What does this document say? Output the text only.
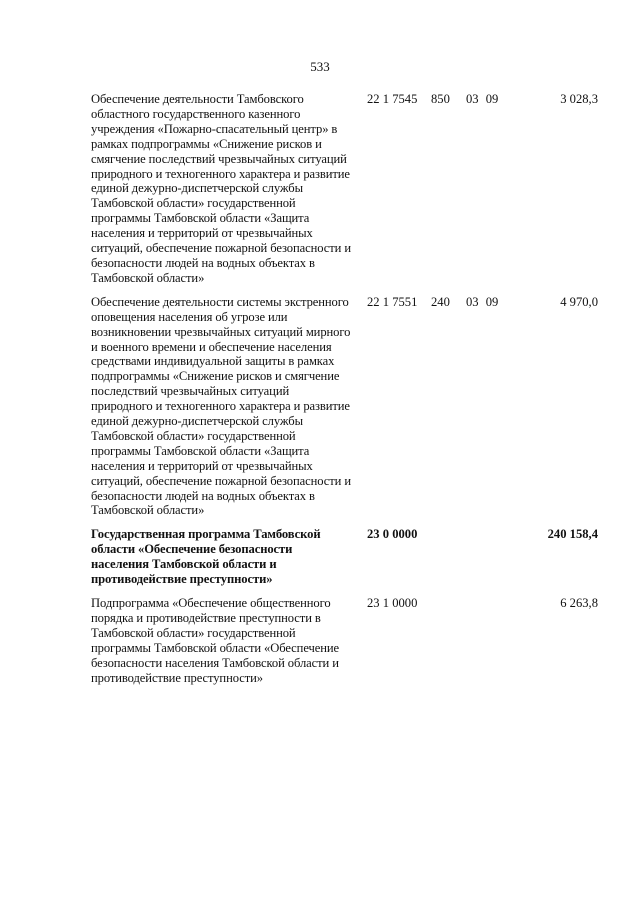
533
Обеспечение деятельности Тамбовского областного государственного казенного учреждения «Пожарно-спасательный центр» в рамках подпрограммы «Снижение рисков и смягчение последствий чрезвычайных ситуаций природного и техногенного характера и развитие единой дежурно-диспетчерской службы Тамбовской области» государственной программы Тамбовской области «Защита населения и территорий от чрезвычайных ситуаций, обеспечение пожарной безопасности и безопасности людей на водных объектах в Тамбовской области»
22 1 7545 850 03 09	3 028,3
Обеспечение деятельности системы экстренного оповещения населения об угрозе или возникновении чрезвычайных ситуаций мирного и военного времени и обеспечение населения средствами индивидуальной защиты в рамках подпрограммы «Снижение рисков и смягчение последствий чрезвычайных ситуаций природного и техногенного характера и развитие единой дежурно-диспетчерской службы Тамбовской области» государственной программы Тамбовской области «Защита населения и территорий от чрезвычайных ситуаций, обеспечение пожарной безопасности и безопасности людей на водных объектах в Тамбовской области»
22 1 7551 240 03 09	4 970,0
Государственная программа Тамбовской области «Обеспечение безопасности населения Тамбовской области и противодействие преступности»
23 0 0000	240 158,4
Подпрограмма «Обеспечение общественного порядка и противодействие преступности в Тамбовской области» государственной программы Тамбовской области «Обеспечение безопасности населения Тамбовской области и противодействие преступности»
23 1 0000	6 263,8
